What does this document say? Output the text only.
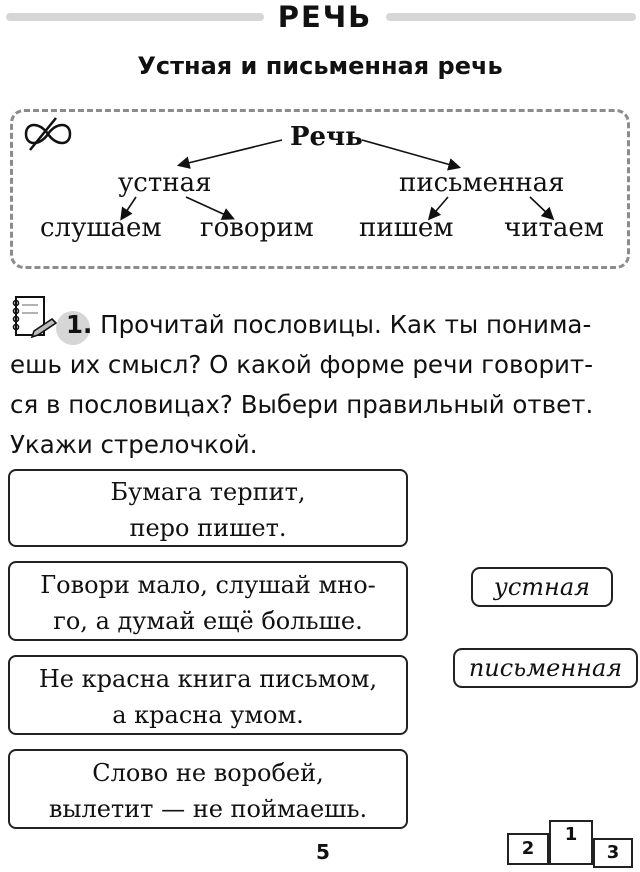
РЕЧЬ
Устная и письменная речь
Речь
устная	письменная
слушаем говорим пишем читаем
1. Прочитай пословицы. Как ты понима-
ешь их смысл? О какой форме речи говорит-
ся в пословицах? Выбери правильный ответ.
Укажи стрелочкой.
Бумага терпит,
перо пишет.
Говори мало, слушай мно-
го, а думай ещё больше.
Не красна книга письмом,
а красна умом.
Слово не воробей,
вылетит — не поймаешь.
устная
письменная
5	2
1
3
